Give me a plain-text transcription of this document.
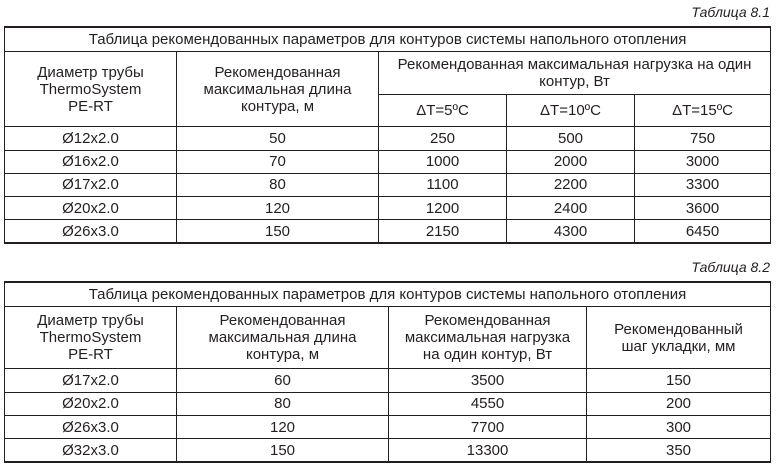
Таблица 8.1
Таблица рекомендованных параметров для контуров системы напольного отопления				
Диаметр трубы ThermoSystem PE-RT	Рекомендованная максимальная длина контура, м	Рекомендованная максимальная нагрузка на один контур, Вт		
		ΔT=5ºC	ΔT=10ºC	ΔT=15ºC
Ø12x2.0	50	250	500	750
Ø16x2.0	70	1000	2000	3000
Ø17x2.0	80	1100	2200	3300
Ø20x2.0	120	1200	2400	3600
Ø26x3.0	150	2150	4300	6450
Таблица 8.2
Таблица рекомендованных параметров для контуров системы напольного отопления			
Диаметр трубы ThermoSystem PE-RT	Рекомендованная максимальная длина контура, м	Рекомендованная максимальная нагрузка на один контур, Вт	Рекомендованный шаг укладки, мм
Ø17x2.0	60	3500	150
Ø20x2.0	80	4550	200
Ø26x3.0	120	7700	300
Ø32x3.0	150	13300	350
